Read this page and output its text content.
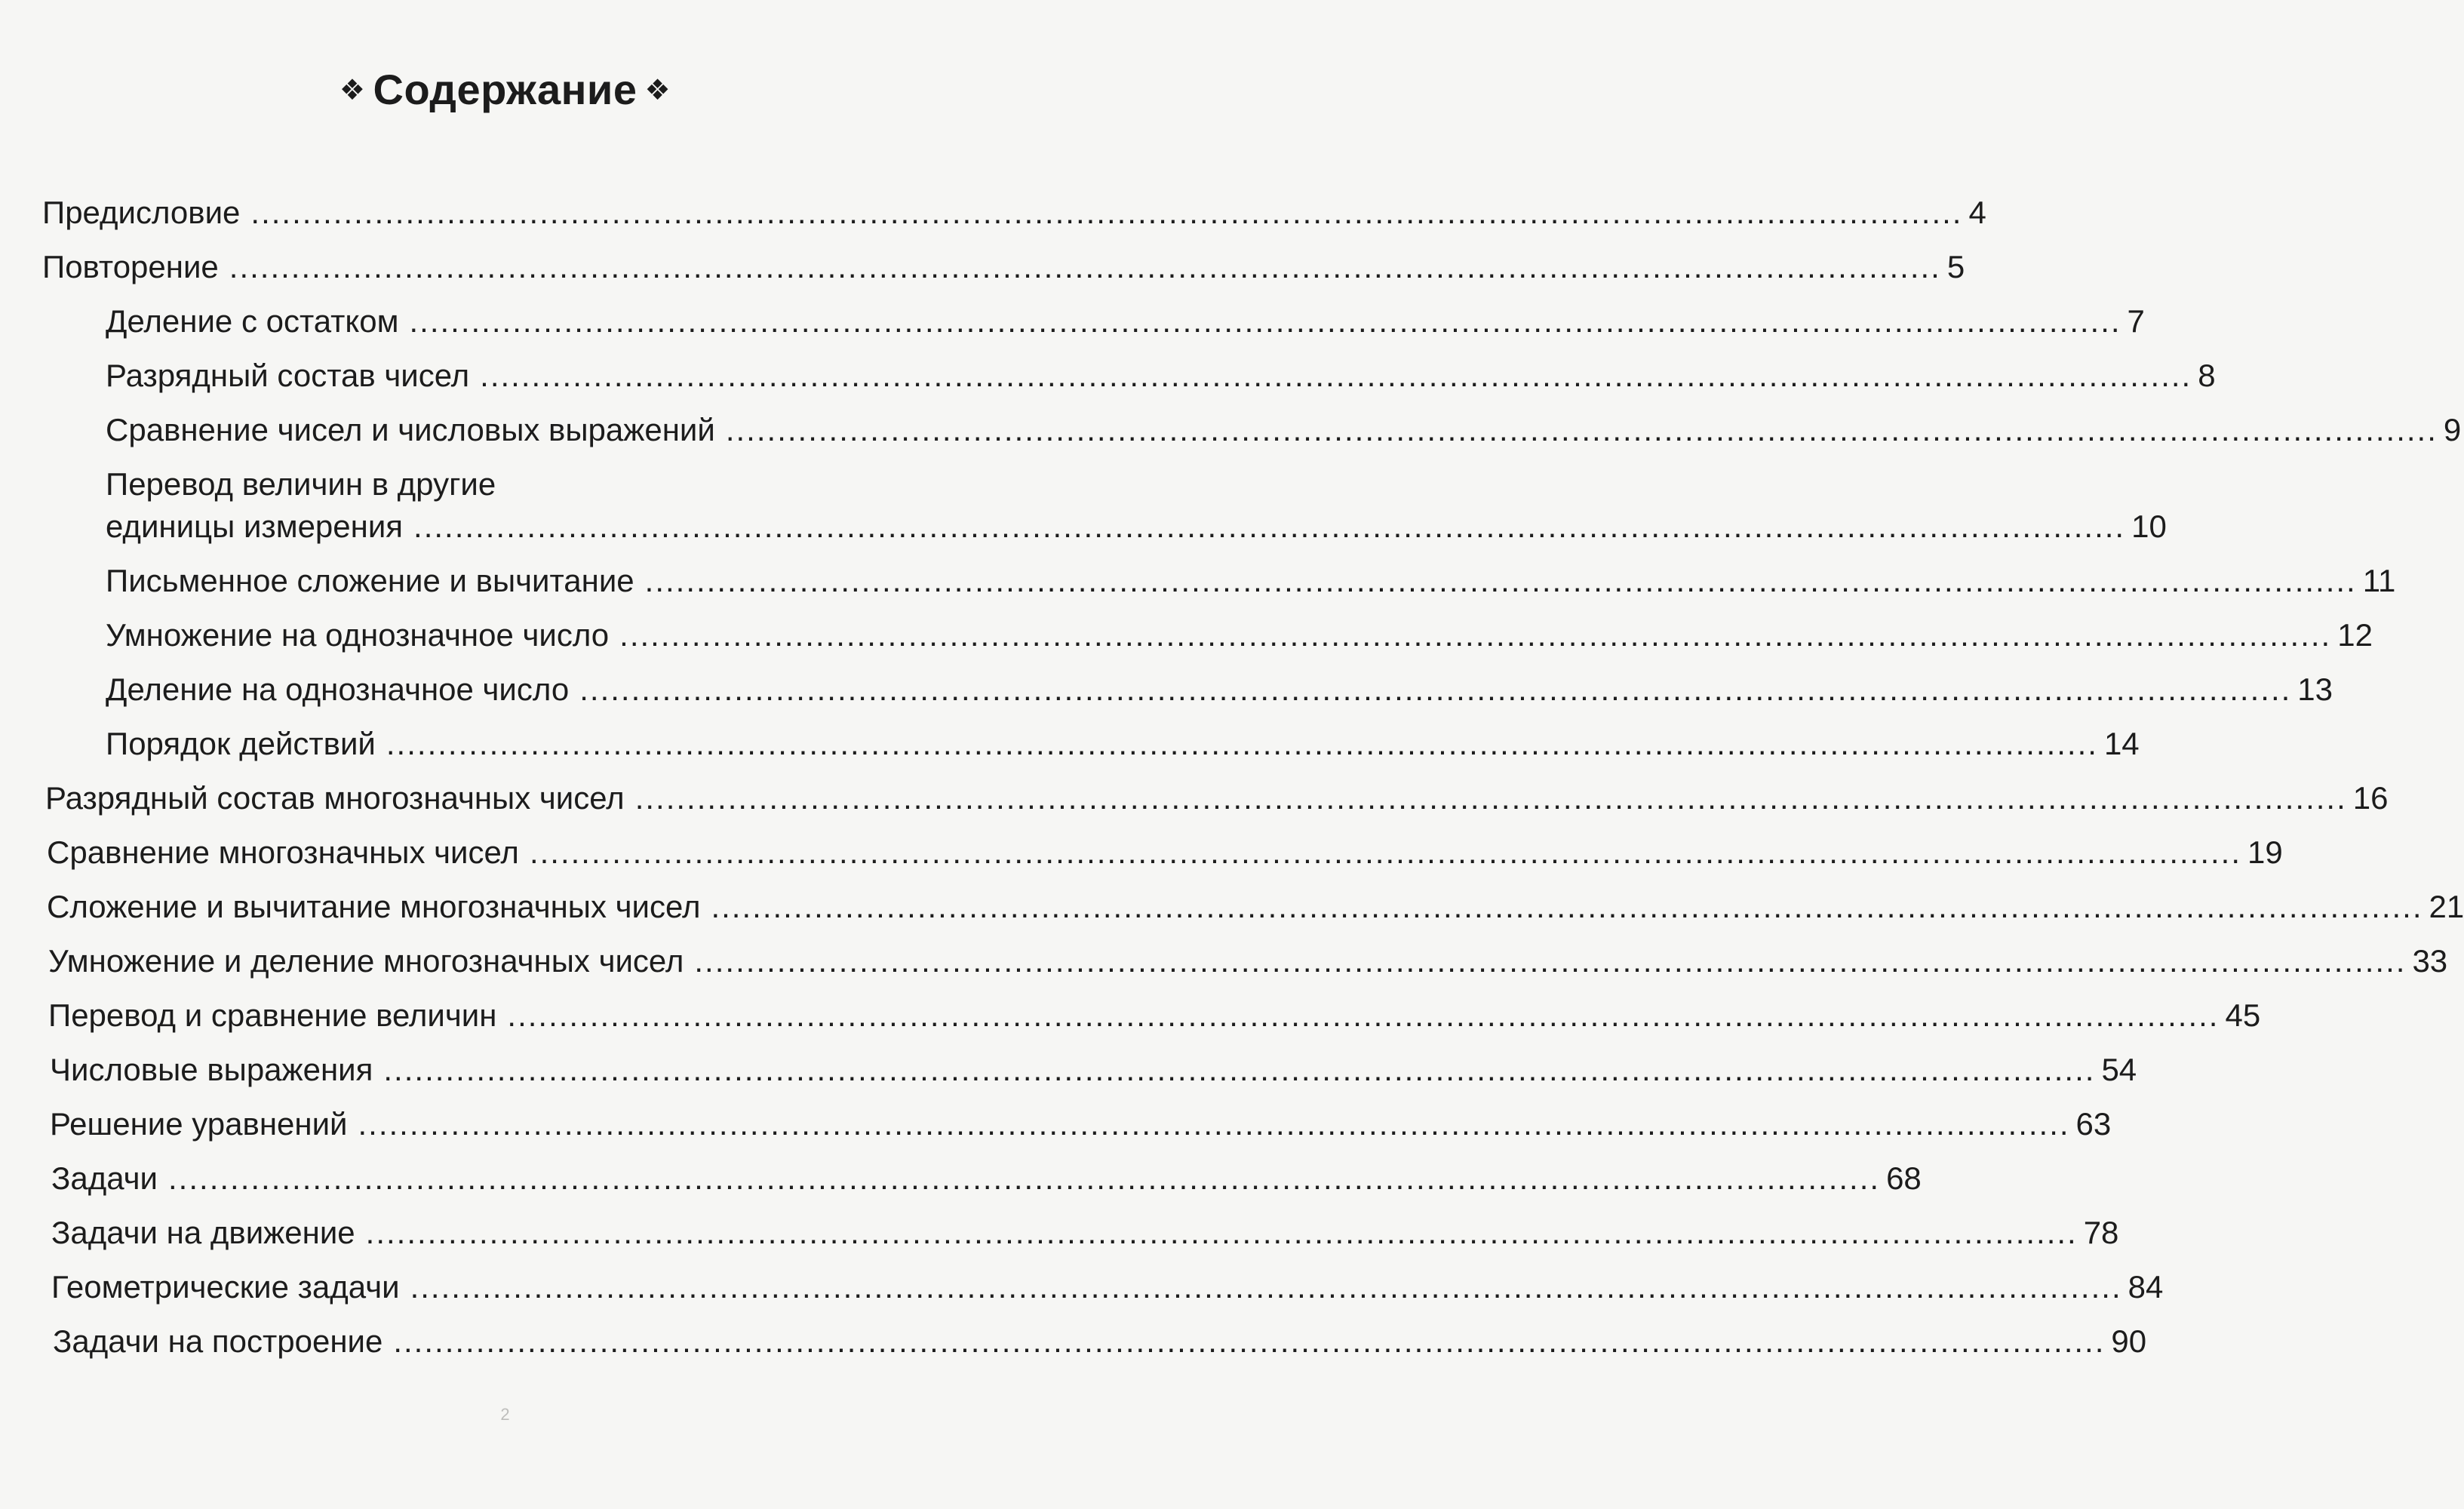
❖ Содержание ❖
Предисловие ...................................................................................................................................................................... 4
Повторение ...................................................................................................................................................................... 5
Деление с остатком ...................................................................................................................................................................... 7
Разрядный состав чисел ...................................................................................................................................................................... 8
Сравнение чисел и числовых выражений ...................................................................................................................................................................... 9
Перевод величин в другие
единицы измерения ...................................................................................................................................................................... 10
Письменное сложение и вычитание ...................................................................................................................................................................... 11
Умножение на однозначное число ...................................................................................................................................................................... 12
Деление на однозначное число ...................................................................................................................................................................... 13
Порядок действий ...................................................................................................................................................................... 14
Разрядный состав многозначных чисел ...................................................................................................................................................................... 16
Сравнение многозначных чисел ...................................................................................................................................................................... 19
Сложение и вычитание многозначных чисел ...................................................................................................................................................................... 21
Умножение и деление многозначных чисел ...................................................................................................................................................................... 33
Перевод и сравнение величин ...................................................................................................................................................................... 45
Числовые выражения ...................................................................................................................................................................... 54
Решение уравнений ...................................................................................................................................................................... 63
Задачи ...................................................................................................................................................................... 68
Задачи на движение ...................................................................................................................................................................... 78
Геометрические задачи ...................................................................................................................................................................... 84
Задачи на построение ...................................................................................................................................................................... 90
2
